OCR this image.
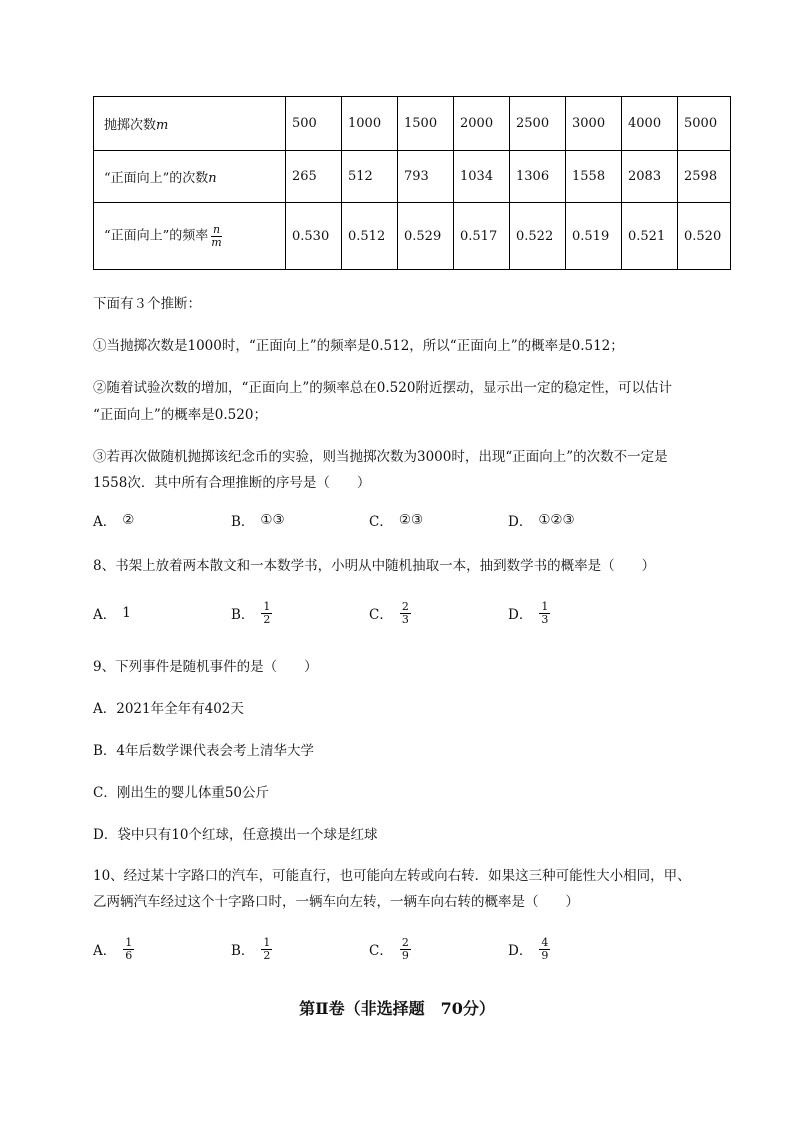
抛掷次数m	500	1000	1500	2000	2500	3000	4000	5000
“正面向上”的次数n	265	512	793	1034	1306	1558	2083	2598
“正面向上”的频率 $\frac{n}{m}$	0.530	0.512	0.529	0.517	0.522	0.519	0.521	0.520
下面有３个推断：
①当抛掷次数是1000时，“正面向上”的频率是0.512，所以“正面向上”的概率是0.512；
②随着试验次数的增加，“正面向上”的频率总在0.520附近摆动，显示出一定的稳定性，可以估计
“正面向上”的概率是0.520；
③若再次做随机抛掷该纪念币的实验，则当抛掷次数为3000时，出现“正面向上”的次数不一定是
1558次．其中所有合理推断的序号是（　　）
A． ②	B． ①③	C． ②③	D． ①②③
8、书架上放着两本散文和一本数学书，小明从中随机抽取一本，抽到数学书的概率是（　　）
A． 1	B． $\frac{1}{2}$	C． $\frac{2}{3}$	D． $\frac{1}{3}$
9、下列事件是随机事件的是（　　）
A．2021年全年有402天
B．4年后数学课代表会考上清华大学
C．刚出生的婴儿体重50公斤
D．袋中只有10个红球，任意摸出一个球是红球
10、经过某十字路口的汽车，可能直行，也可能向左转或向右转．如果这三种可能性大小相同，甲、
乙两辆汽车经过这个十字路口时，一辆车向左转，一辆车向右转的概率是（　　）
A． $\frac{1}{6}$	B． $\frac{1}{2}$	C． $\frac{2}{9}$	D． $\frac{4}{9}$
第Ⅱ卷（非选择题　70分）
